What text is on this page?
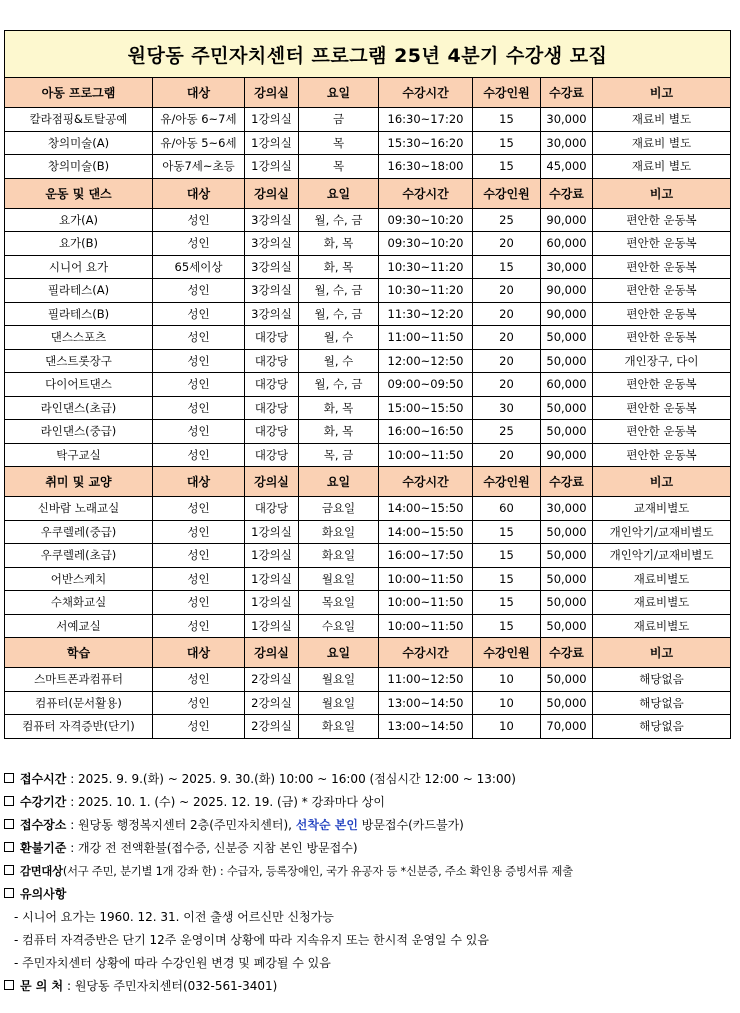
원당동 주민자치센터 프로그램 25년 4분기 수강생 모집							
아동 프로그램	대상	강의실	요일	수강시간	수강인원	수강료	비고
칼라점핑&토탈공예	유/아동 6~7세	1강의실	금	16:30~17:20	15	30,000	재료비 별도
창의미술(A)	유/아동 5~6세	1강의실	목	15:30~16:20	15	30,000	재료비 별도
창의미술(B)	아동7세~초등	1강의실	목	16:30~18:00	15	45,000	재료비 별도
운동 및 댄스	대상	강의실	요일	수강시간	수강인원	수강료	비고
요가(A)	성인	3강의실	월, 수, 금	09:30~10:20	25	90,000	편안한 운동복
요가(B)	성인	3강의실	화, 목	09:30~10:20	20	60,000	편안한 운동복
시니어 요가	65세이상	3강의실	화, 목	10:30~11:20	15	30,000	편안한 운동복
필라테스(A)	성인	3강의실	월, 수, 금	10:30~11:20	20	90,000	편안한 운동복
필라테스(B)	성인	3강의실	월, 수, 금	11:30~12:20	20	90,000	편안한 운동복
댄스스포츠	성인	대강당	월, 수	11:00~11:50	20	50,000	편안한 운동복
댄스트롯장구	성인	대강당	월, 수	12:00~12:50	20	50,000	개인장구, 다이
다이어트댄스	성인	대강당	월, 수, 금	09:00~09:50	20	60,000	편안한 운동복
라인댄스(초급)	성인	대강당	화, 목	15:00~15:50	30	50,000	편안한 운동복
라인댄스(중급)	성인	대강당	화, 목	16:00~16:50	25	50,000	편안한 운동복
탁구교실	성인	대강당	목, 금	10:00~11:50	20	90,000	편안한 운동복
취미 및 교양	대상	강의실	요일	수강시간	수강인원	수강료	비고
신바람 노래교실	성인	대강당	금요일	14:00~15:50	60	30,000	교재비별도
우쿠렐레(중급)	성인	1강의실	화요일	14:00~15:50	15	50,000	개인악기/교재비별도
우쿠렐레(초급)	성인	1강의실	화요일	16:00~17:50	15	50,000	개인악기/교재비별도
어반스케치	성인	1강의실	월요일	10:00~11:50	15	50,000	재료비별도
수채화교실	성인	1강의실	목요일	10:00~11:50	15	50,000	재료비별도
서예교실	성인	1강의실	수요일	10:00~11:50	15	50,000	재료비별도
학습	대상	강의실	요일	수강시간	수강인원	수강료	비고
스마트폰과컴퓨터	성인	2강의실	월요일	11:00~12:50	10	50,000	해당없음
컴퓨터(문서활용)	성인	2강의실	월요일	13:00~14:50	10	50,000	해당없음
컴퓨터 자격증반(단기)	성인	2강의실	화요일	13:00~14:50	10	70,000	해당없음
접수시간 : 2025. 9. 9.(화) ~ 2025. 9. 30.(화) 10:00 ~ 16:00 (점심시간 12:00 ~ 13:00)
수강기간 : 2025. 10. 1. (수) ~ 2025. 12. 19. (금) * 강좌마다 상이
접수장소 : 원당동 행정복지센터 2층(주민자치센터), 선착순 본인 방문접수(카드불가)
환불기준 : 개강 전 전액환불(접수증, 신분증 지참 본인 방문접수)
감면대상(서구 주민, 분기별 1개 강좌 한) : 수급자, 등록장애인, 국가 유공자 등 *신분증, 주소 확인용 증빙서류 제출
유의사항
- 시니어 요가는 1960. 12. 31. 이전 출생 어르신만 신청가능
- 컴퓨터 자격증반은 단기 12주 운영이며 상황에 따라 지속유지 또는 한시적 운영일 수 있음
- 주민자치센터 상황에 따라 수강인원 변경 및 폐강될 수 있음
문 의 처 : 원당동 주민자치센터(032-561-3401)
